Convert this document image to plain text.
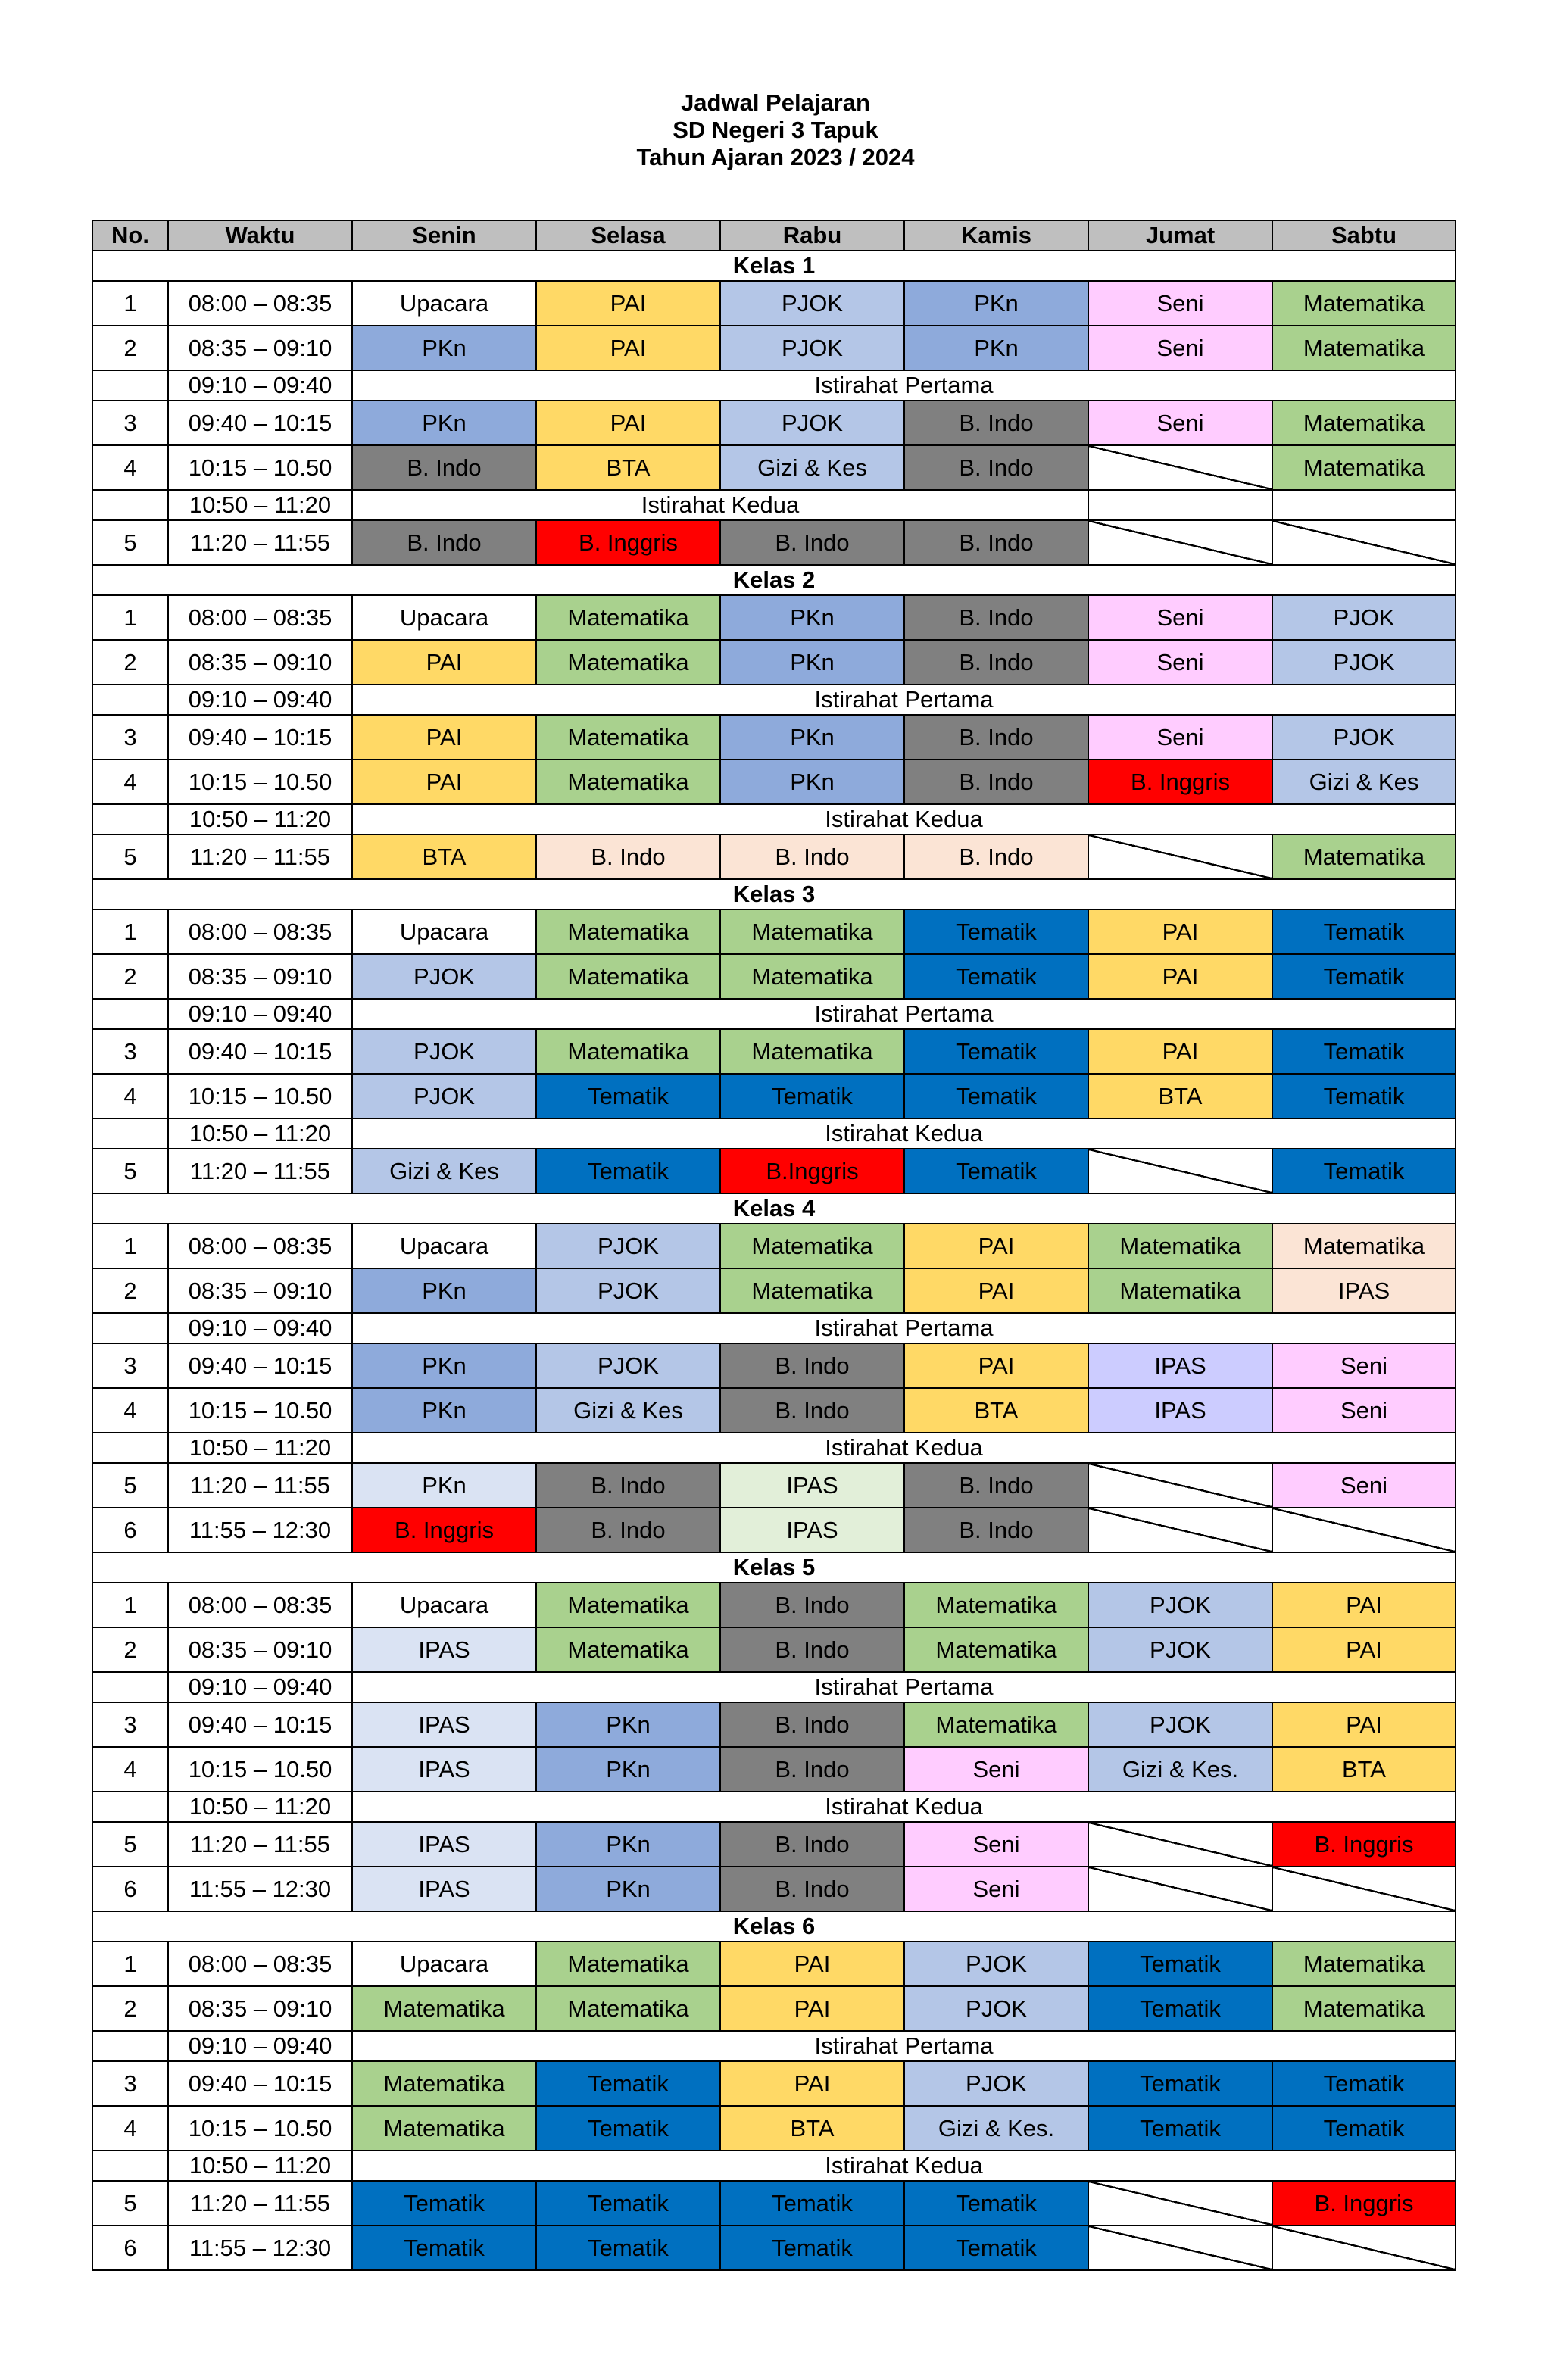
Jadwal Pelajaran
SD Negeri 3 Tapuk
Tahun Ajaran 2023 / 2024
No.	Waktu	Senin	Selasa	Rabu	Kamis	Jumat	Sabtu
Kelas 1							
1	08:00 – 08:35	Upacara	PAI	PJOK	PKn	Seni	Matematika
2	08:35 – 09:10	PKn	PAI	PJOK	PKn	Seni	Matematika
	09:10 – 09:40	Istirahat Pertama					
3	09:40 – 10:15	PKn	PAI	PJOK	B. Indo	Seni	Matematika
4	10:15 – 10.50	B. Indo	BTA	Gizi & Kes	B. Indo		Matematika
	10:50 – 11:20	Istirahat Kedua					
5	11:20 – 11:55	B. Indo	B. Inggris	B. Indo	B. Indo		
Kelas 2							
1	08:00 – 08:35	Upacara	Matematika	PKn	B. Indo	Seni	PJOK
2	08:35 – 09:10	PAI	Matematika	PKn	B. Indo	Seni	PJOK
	09:10 – 09:40	Istirahat Pertama					
3	09:40 – 10:15	PAI	Matematika	PKn	B. Indo	Seni	PJOK
4	10:15 – 10.50	PAI	Matematika	PKn	B. Indo	B. Inggris	Gizi & Kes
	10:50 – 11:20	Istirahat Kedua					
5	11:20 – 11:55	BTA	B. Indo	B. Indo	B. Indo		Matematika
Kelas 3							
1	08:00 – 08:35	Upacara	Matematika	Matematika	Tematik	PAI	Tematik
2	08:35 – 09:10	PJOK	Matematika	Matematika	Tematik	PAI	Tematik
	09:10 – 09:40	Istirahat Pertama					
3	09:40 – 10:15	PJOK	Matematika	Matematika	Tematik	PAI	Tematik
4	10:15 – 10.50	PJOK	Tematik	Tematik	Tematik	BTA	Tematik
	10:50 – 11:20	Istirahat Kedua					
5	11:20 – 11:55	Gizi & Kes	Tematik	B.Inggris	Tematik		Tematik
Kelas 4							
1	08:00 – 08:35	Upacara	PJOK	Matematika	PAI	Matematika	Matematika
2	08:35 – 09:10	PKn	PJOK	Matematika	PAI	Matematika	IPAS
	09:10 – 09:40	Istirahat Pertama					
3	09:40 – 10:15	PKn	PJOK	B. Indo	PAI	IPAS	Seni
4	10:15 – 10.50	PKn	Gizi & Kes	B. Indo	BTA	IPAS	Seni
	10:50 – 11:20	Istirahat Kedua					
5	11:20 – 11:55	PKn	B. Indo	IPAS	B. Indo		Seni
6	11:55 – 12:30	B. Inggris	B. Indo	IPAS	B. Indo		
Kelas 5							
1	08:00 – 08:35	Upacara	Matematika	B. Indo	Matematika	PJOK	PAI
2	08:35 – 09:10	IPAS	Matematika	B. Indo	Matematika	PJOK	PAI
	09:10 – 09:40	Istirahat Pertama					
3	09:40 – 10:15	IPAS	PKn	B. Indo	Matematika	PJOK	PAI
4	10:15 – 10.50	IPAS	PKn	B. Indo	Seni	Gizi & Kes.	BTA
	10:50 – 11:20	Istirahat Kedua					
5	11:20 – 11:55	IPAS	PKn	B. Indo	Seni		B. Inggris
6	11:55 – 12:30	IPAS	PKn	B. Indo	Seni		
Kelas 6							
1	08:00 – 08:35	Upacara	Matematika	PAI	PJOK	Tematik	Matematika
2	08:35 – 09:10	Matematika	Matematika	PAI	PJOK	Tematik	Matematika
	09:10 – 09:40	Istirahat Pertama					
3	09:40 – 10:15	Matematika	Tematik	PAI	PJOK	Tematik	Tematik
4	10:15 – 10.50	Matematika	Tematik	BTA	Gizi & Kes.	Tematik	Tematik
	10:50 – 11:20	Istirahat Kedua					
5	11:20 – 11:55	Tematik	Tematik	Tematik	Tematik		B. Inggris
6	11:55 – 12:30	Tematik	Tematik	Tematik	Tematik		
